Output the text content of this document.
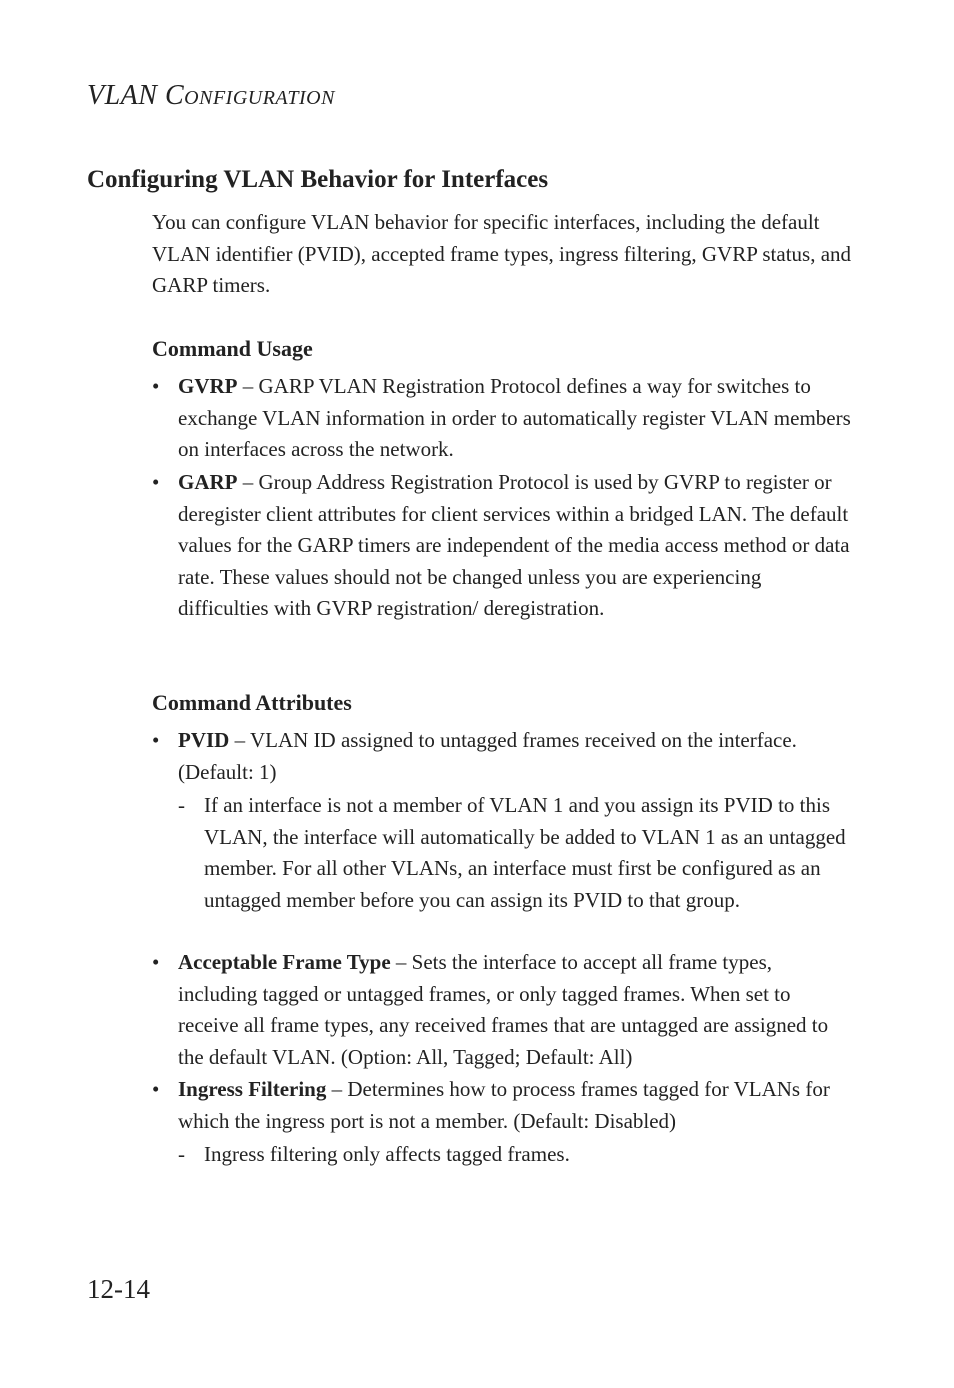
VLAN CONFIGURATION
Configuring VLAN Behavior for Interfaces

You can configure VLAN behavior for specific interfaces, including the default VLAN identifier (PVID), accepted frame types, ingress filtering, GVRP status, and GARP timers.

Command Usage
• GVRP – GARP VLAN Registration Protocol defines a way for switches to exchange VLAN information in order to automatically register VLAN members on interfaces across the network.
• GARP – Group Address Registration Protocol is used by GVRP to register or deregister client attributes for client services within a bridged LAN. The default values for the GARP timers are independent of the media access method or data rate. These values should not be changed unless you are experiencing difficulties with GVRP registration/ deregistration.
Command Attributes
• PVID – VLAN ID assigned to untagged frames received on the interface. (Default: 1)
- If an interface is not a member of VLAN 1 and you assign its PVID to this VLAN, the interface will automatically be added to VLAN 1 as an untagged member. For all other VLANs, an interface must first be configured as an untagged member before you can assign its PVID to that group.
• Acceptable Frame Type – Sets the interface to accept all frame types, including tagged or untagged frames, or only tagged frames. When set to receive all frame types, any received frames that are untagged are assigned to the default VLAN. (Option: All, Tagged; Default: All)
• Ingress Filtering – Determines how to process frames tagged for VLANs for which the ingress port is not a member. (Default: Disabled)
- Ingress filtering only affects tagged frames.
12-14
